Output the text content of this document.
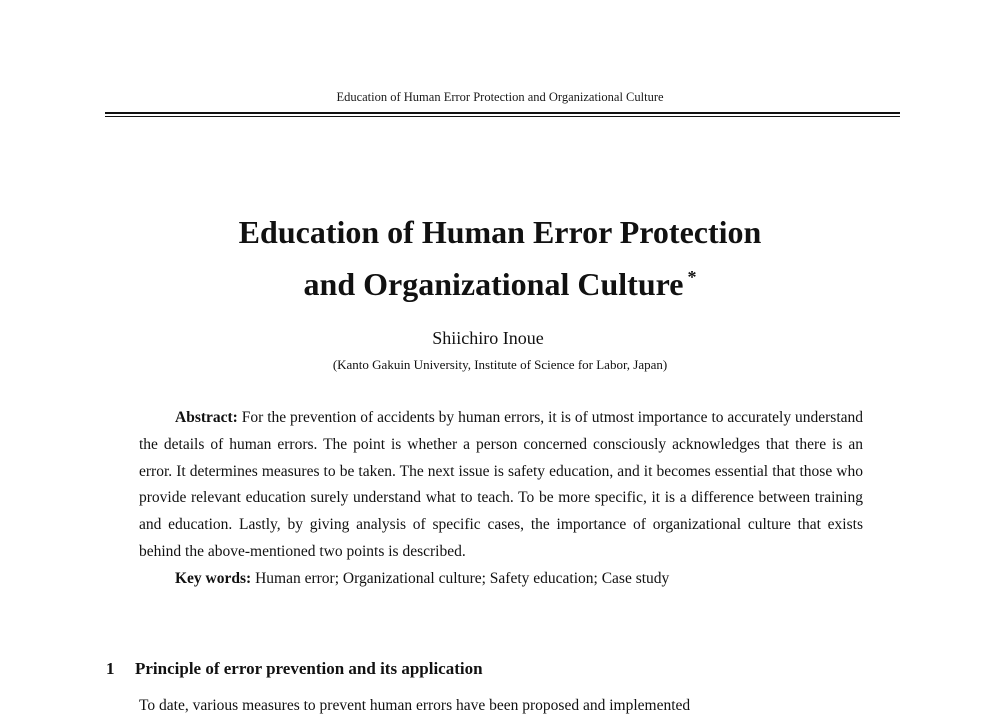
Education of Human Error Protection and Organizational Culture
Education of Human Error Protection
and Organizational Culture *
Shiichiro Inoue
(Kanto Gakuin University, Institute of Science for Labor, Japan)

Abstract: For the prevention of accidents by human errors, it is of utmost importance to accurately understand the details of human errors. The point is whether a person concerned consciously acknowledges that there is an error. It determines measures to be taken. The next issue is safety education, and it becomes essential that those who provide relevant education surely understand what to teach. To be more specific, it is a difference between training and education. Lastly, by giving analysis of specific cases, the importance of organizational culture that exists behind the above-mentioned two points is described.

Key words: Human error; Organizational culture; Safety education; Case study

1 Principle of error prevention and its application
To date, various measures to prevent human errors have been proposed and implemented
